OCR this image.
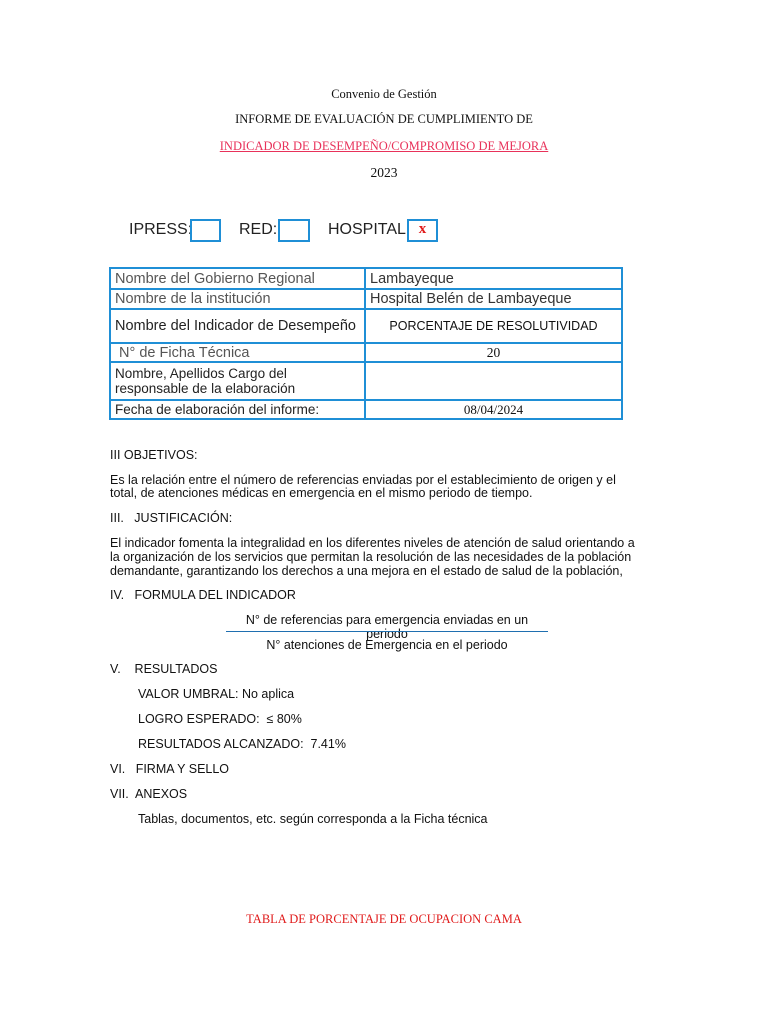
Convenio de Gestión
INFORME DE EVALUACIÓN DE CUMPLIMIENTO DE
INDICADOR DE DESEMPEÑO/COMPROMISO DE MEJORA
2023
IPRESS:	RED:	HOSPITAL: x
Nombre del Gobierno Regional	Lambayeque
Nombre de la institución	Hospital Belén de Lambayeque
Nombre del Indicador de Desempeño	PORCENTAJE DE RESOLUTIVIDAD
N° de Ficha Técnica	20
Nombre, Apellidos Cargo del responsable de la elaboración	
Fecha de elaboración del informe:	08/04/2024
III OBJETIVOS:
Es la relación entre el número de referencias enviadas por el establecimiento de origen y el
total, de atenciones médicas en emergencia en el mismo periodo de tiempo.
III.   JUSTIFICACIÓN:
El indicador fomenta la integralidad en los diferentes niveles de atención de salud orientando a
la organización de los servicios que permitan la resolución de las necesidades de la población
demandante, garantizando los derechos a una mejora en el estado de salud de la población,
IV.   FORMULA DEL INDICADOR
N° de referencias para emergencia enviadas en un periodo
N° atenciones de Emergencia en el periodo
V.    RESULTADOS
VALOR UMBRAL: No aplica
LOGRO ESPERADO:  ≤ 80%
RESULTADOS ALCANZADO:  7.41%
VI.   FIRMA Y SELLO
VII.  ANEXOS
Tablas, documentos, etc. según corresponda a la Ficha técnica
TABLA DE PORCENTAJE DE OCUPACION CAMA
